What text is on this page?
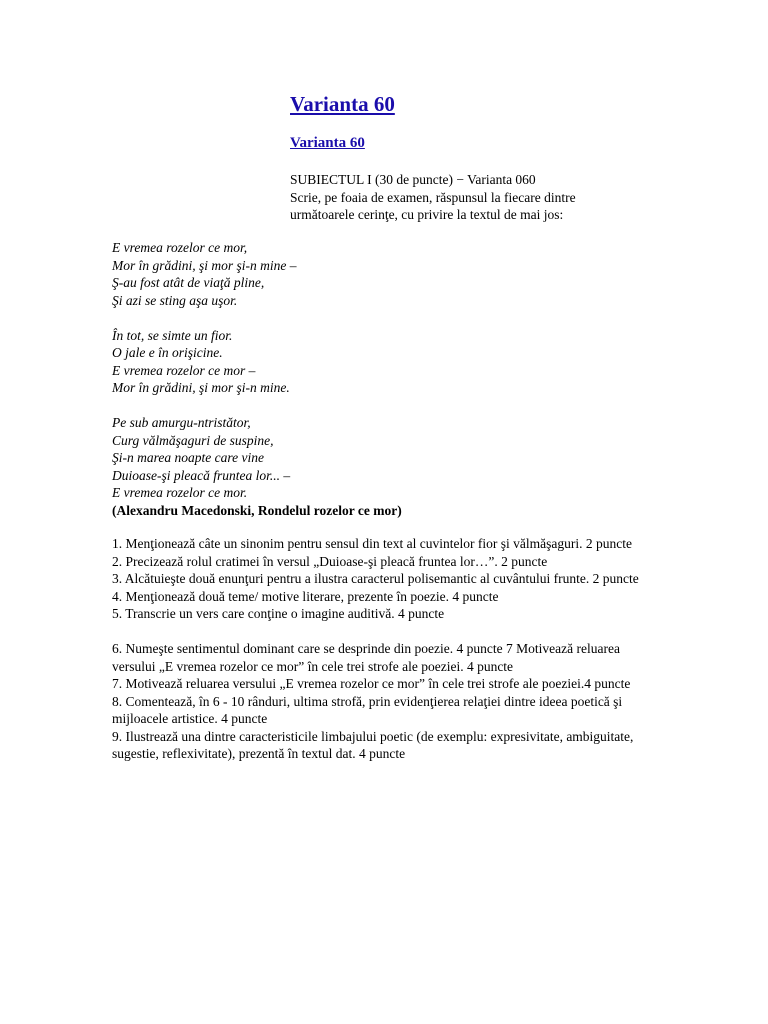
Varianta 60
Varianta 60
SUBIECTUL I (30 de puncte) − Varianta 060
Scrie, pe foaia de examen, răspunsul la fiecare dintre
următoarele cerinţe, cu privire la textul de mai jos:
E vremea rozelor ce mor,
Mor în grădini, şi mor şi-n mine –
Ş-au fost atât de viaţă pline,
Şi azi se sting aşa uşor.
În tot, se simte un fior.
O jale e în orişicine.
E vremea rozelor ce mor –
Mor în grădini, şi mor şi-n mine.
Pe sub amurgu-ntristător,
Curg vălmăşaguri de suspine,
Şi-n marea noapte care vine
Duioase-şi pleacă fruntea lor... –
E vremea rozelor ce mor.
(Alexandru Macedonski, Rondelul rozelor ce mor)

1. Menţionează câte un sinonim pentru sensul din text al cuvintelor fior şi vălmăşaguri. 2 puncte

2. Precizează rolul cratimei în versul „Duioase-şi pleacă fruntea lor…”. 2 puncte

3. Alcătuieşte două enunţuri pentru a ilustra caracterul polisemantic al cuvântului frunte. 2 puncte

4. Menţionează două teme/ motive literare, prezente în poezie. 4 puncte

5. Transcrie un vers care conţine o imagine auditivă. 4 puncte

6. Numeşte sentimentul dominant care se desprinde din poezie. 4 puncte 7 Motivează reluarea versului „E vremea rozelor ce mor” în cele trei strofe ale poeziei. 4 puncte

7. Motivează reluarea versului „E vremea rozelor ce mor” în cele trei strofe ale poeziei.4 puncte

8. Comentează, în 6 - 10 rânduri, ultima strofă, prin evidenţierea relaţiei dintre ideea poetică şi mijloacele artistice. 4 puncte

9. Ilustrează una dintre caracteristicile limbajului poetic (de exemplu: expresivitate, ambiguitate, sugestie, reflexivitate), prezentă în textul dat. 4 puncte
